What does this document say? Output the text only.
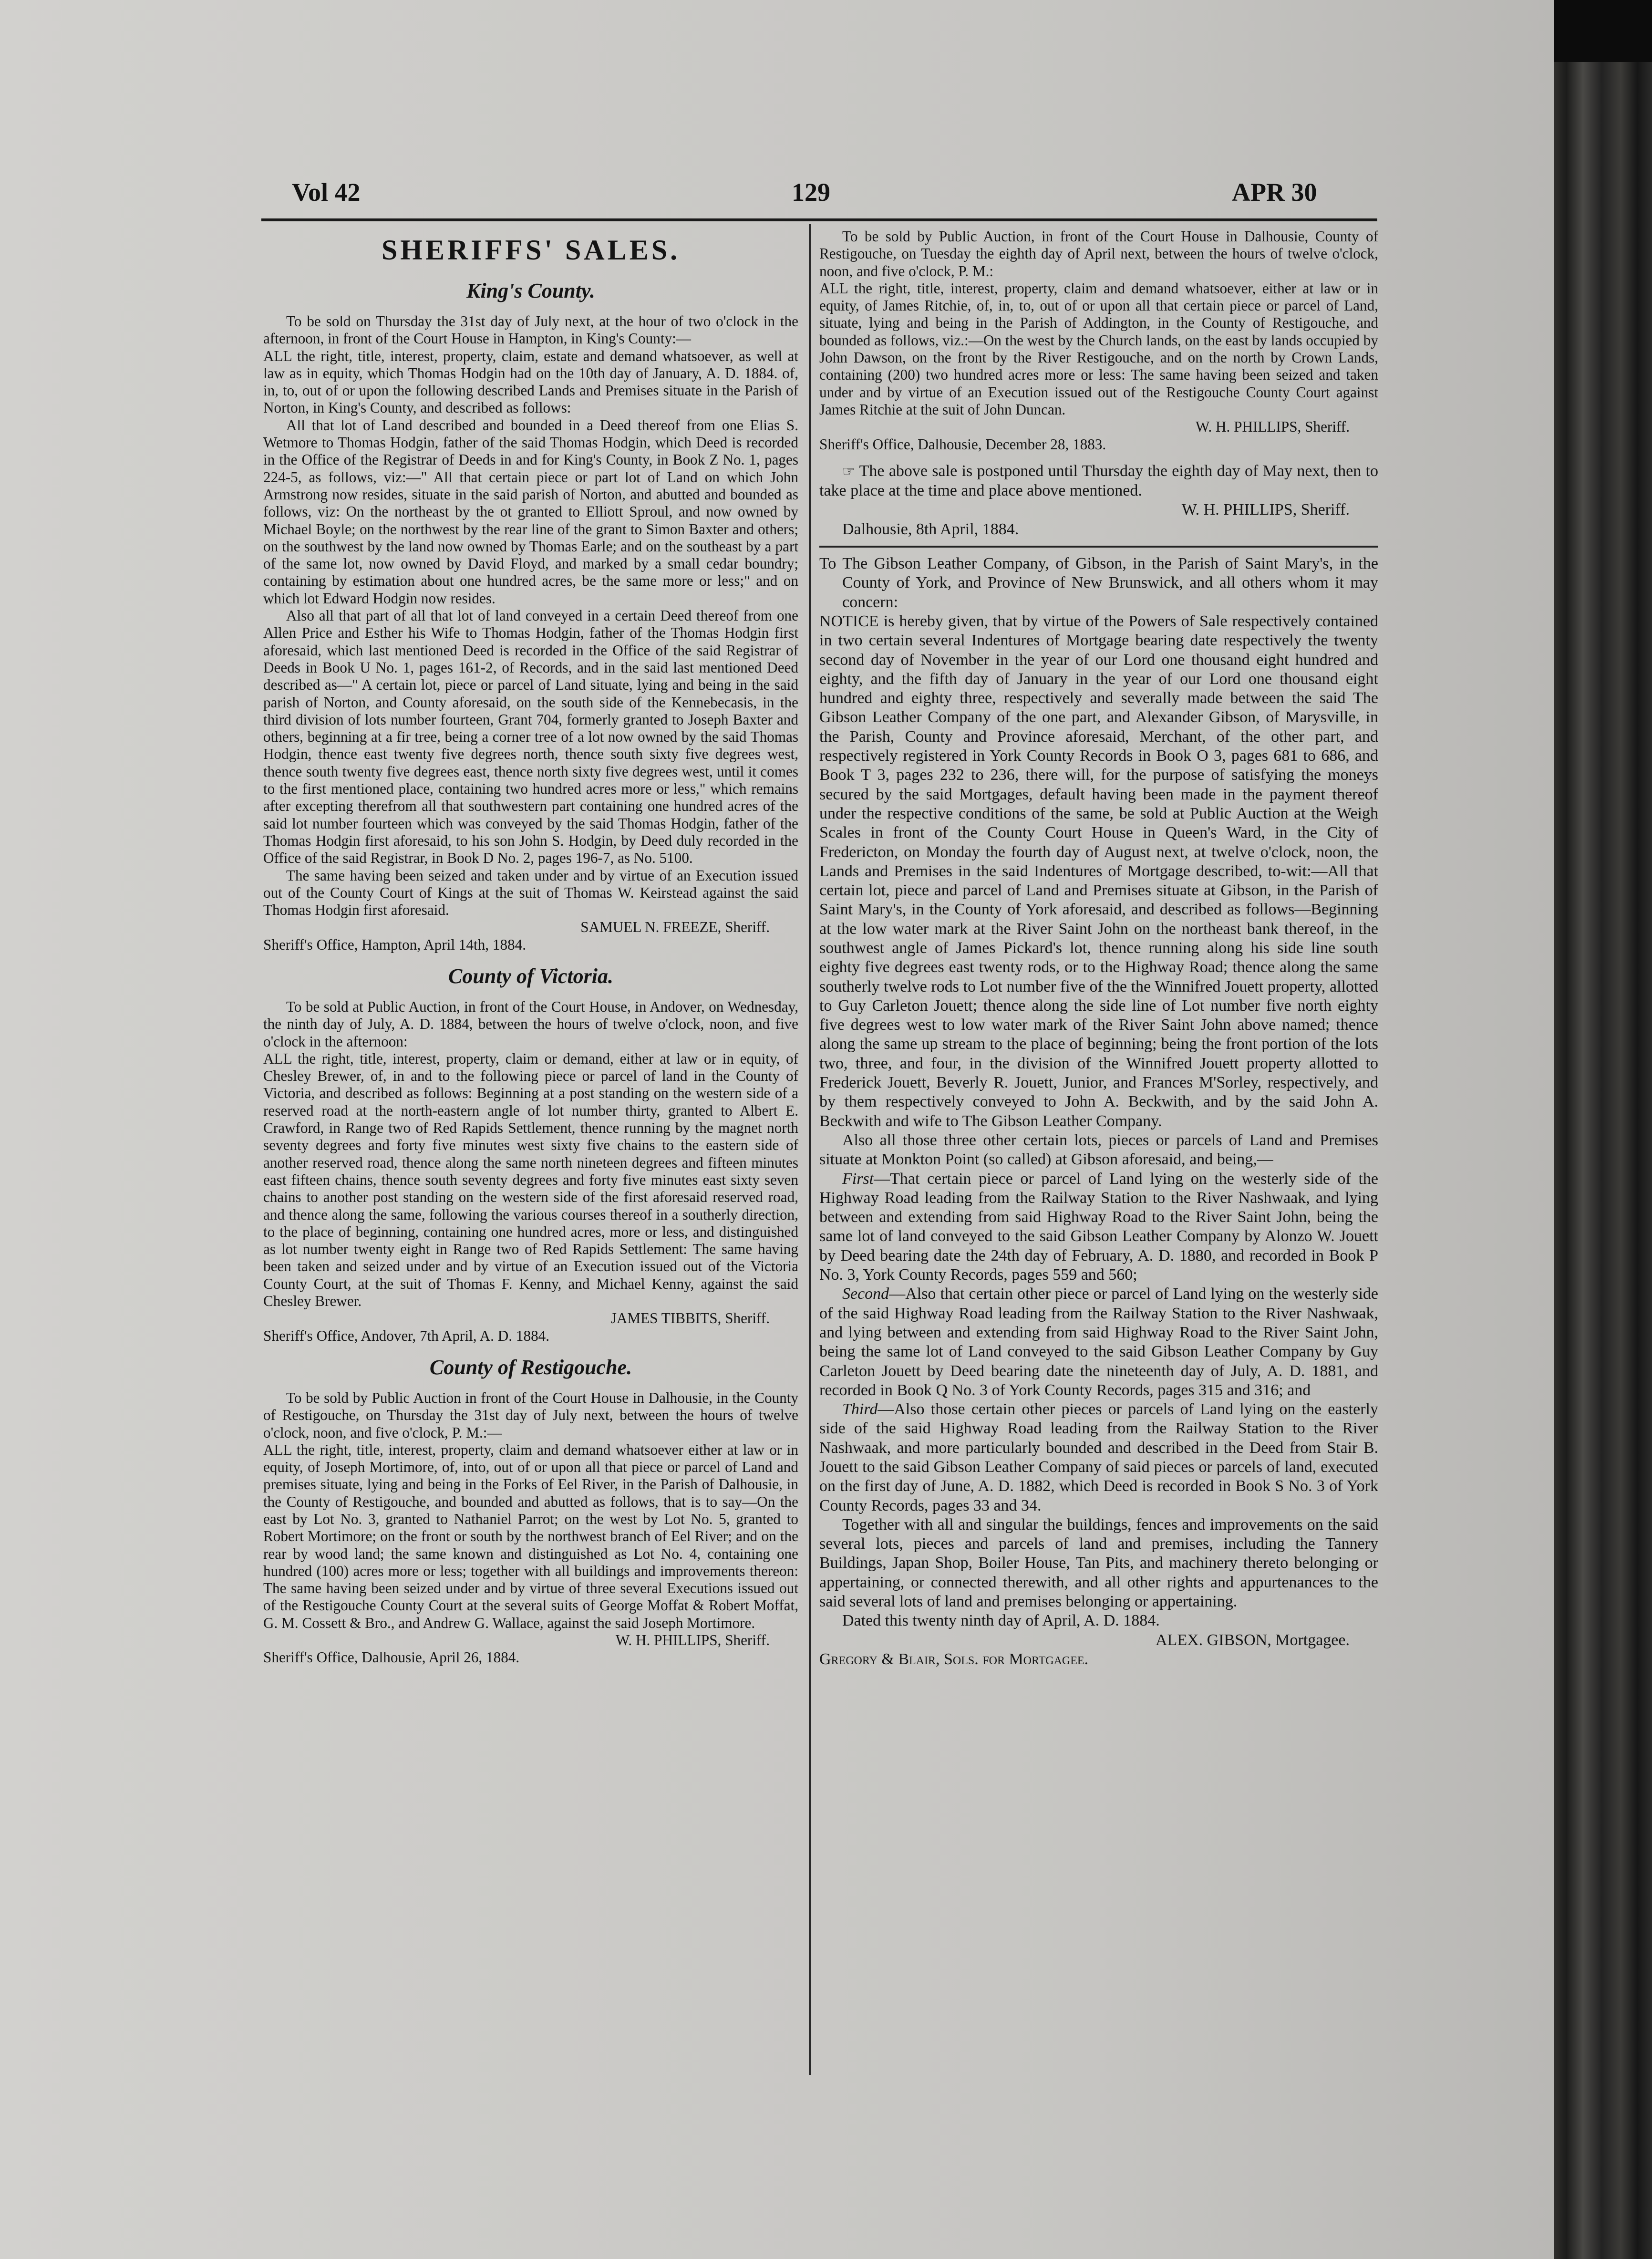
Vol 42	129	APR 30
SHERIFFS' SALES.
King's County.

To be sold on Thursday the 31st day of July next, at the hour of two o'clock in the afternoon, in front of the Court House in Hampton, in King's County:—

ALL the right, title, interest, property, claim, estate and demand whatsoever, as well at law as in equity, which Thomas Hodgin had on the 10th day of January, A. D. 1884. of, in, to, out of or upon the following described Lands and Premises situate in the Parish of Norton, in King's County, and described as follows:

All that lot of Land described and bounded in a Deed thereof from one Elias S. Wetmore to Thomas Hodgin, father of the said Thomas Hodgin, which Deed is recorded in the Office of the Registrar of Deeds in and for King's County, in Book Z No. 1, pages 224-5, as follows, viz:—" All that certain piece or part lot of Land on which John Armstrong now resides, situate in the said parish of Norton, and abutted and bounded as follows, viz: On the northeast by the ot granted to Elliott Sproul, and now owned by Michael Boyle; on the northwest by the rear line of the grant to Simon Baxter and others; on the southwest by the land now owned by Thomas Earle; and on the southeast by a part of the same lot, now owned by David Floyd, and marked by a small cedar boundry; containing by estimation about one hundred acres, be the same more or less;" and on which lot Edward Hodgin now resides.

Also all that part of all that lot of land conveyed in a certain Deed thereof from one Allen Price and Esther his Wife to Thomas Hodgin, father of the Thomas Hodgin first aforesaid, which last mentioned Deed is recorded in the Office of the said Registrar of Deeds in Book U No. 1, pages 161-2, of Records, and in the said last mentioned Deed described as—" A certain lot, piece or parcel of Land situate, lying and being in the said parish of Norton, and County aforesaid, on the south side of the Kennebecasis, in the third division of lots number fourteen, Grant 704, formerly granted to Joseph Baxter and others, beginning at a fir tree, being a corner tree of a lot now owned by the said Thomas Hodgin, thence east twenty five degrees north, thence south sixty five degrees west, thence south twenty five degrees east, thence north sixty five degrees west, until it comes to the first mentioned place, containing two hundred acres more or less," which remains after excepting therefrom all that southwestern part containing one hundred acres of the said lot number fourteen which was conveyed by the said Thomas Hodgin, father of the Thomas Hodgin first aforesaid, to his son John S. Hodgin, by Deed duly recorded in the Office of the said Registrar, in Book D No. 2, pages 196-7, as No. 5100.

The same having been seized and taken under and by virtue of an Execution issued out of the County Court of Kings at the suit of Thomas W. Keirstead against the said Thomas Hodgin first aforesaid.

SAMUEL N. FREEZE, Sheriff.

Sheriff's Office, Hampton, April 14th, 1884.

County of Victoria.

To be sold at Public Auction, in front of the Court House, in Andover, on Wednesday, the ninth day of July, A. D. 1884, between the hours of twelve o'clock, noon, and five o'clock in the afternoon:

ALL the right, title, interest, property, claim or demand, either at law or in equity, of Chesley Brewer, of, in and to the following piece or parcel of land in the County of Victoria, and described as follows: Beginning at a post standing on the western side of a reserved road at the north-eastern angle of lot number thirty, granted to Albert E. Crawford, in Range two of Red Rapids Settlement, thence running by the magnet north seventy degrees and forty five minutes west sixty five chains to the eastern side of another reserved road, thence along the same north nineteen degrees and fifteen minutes east fifteen chains, thence south seventy degrees and forty five minutes east sixty seven chains to another post standing on the western side of the first aforesaid reserved road, and thence along the same, following the various courses thereof in a southerly direction, to the place of beginning, containing one hundred acres, more or less, and distinguished as lot number twenty eight in Range two of Red Rapids Settlement: The same having been taken and seized under and by virtue of an Execution issued out of the Victoria County Court, at the suit of Thomas F. Kenny, and Michael Kenny, against the said Chesley Brewer.

JAMES TIBBITS, Sheriff.

Sheriff's Office, Andover, 7th April, A. D. 1884.

County of Restigouche.

To be sold by Public Auction in front of the Court House in Dalhousie, in the County of Restigouche, on Thursday the 31st day of July next, between the hours of twelve o'clock, noon, and five o'clock, P. M.:—

ALL the right, title, interest, property, claim and demand whatsoever either at law or in equity, of Joseph Mortimore, of, into, out of or upon all that piece or parcel of Land and premises situate, lying and being in the Forks of Eel River, in the Parish of Dalhousie, in the County of Restigouche, and bounded and abutted as follows, that is to say—On the east by Lot No. 3, granted to Nathaniel Parrot; on the west by Lot No. 5, granted to Robert Mortimore; on the front or south by the northwest branch of Eel River; and on the rear by wood land; the same known and distinguished as Lot No. 4, containing one hundred (100) acres more or less; together with all buildings and improvements thereon: The same having been seized under and by virtue of three several Executions issued out of the Restigouche County Court at the several suits of George Moffat & Robert Moffat, G. M. Cossett & Bro., and Andrew G. Wallace, against the said Joseph Mortimore.

W. H. PHILLIPS, Sheriff.

Sheriff's Office, Dalhousie, April 26, 1884.

To be sold by Public Auction, in front of the Court House in Dalhousie, County of Restigouche, on Tuesday the eighth day of April next, between the hours of twelve o'clock, noon, and five o'clock, P. M.:

ALL the right, title, interest, property, claim and demand whatsoever, either at law or in equity, of James Ritchie, of, in, to, out of or upon all that certain piece or parcel of Land, situate, lying and being in the Parish of Addington, in the County of Restigouche, and bounded as follows, viz.:—On the west by the Church lands, on the east by lands occupied by John Dawson, on the front by the River Restigouche, and on the north by Crown Lands, containing (200) two hundred acres more or less: The same having been seized and taken under and by virtue of an Execution issued out of the Restigouche County Court against James Ritchie at the suit of John Duncan.

W. H. PHILLIPS, Sheriff.

Sheriff's Office, Dalhousie, December 28, 1883.

☞ The above sale is postponed until Thursday the eighth day of May next, then to take place at the time and place above mentioned.

W. H. PHILLIPS, Sheriff.

Dalhousie, 8th April, 1884.

To The Gibson Leather Company, of Gibson, in the Parish of Saint Mary's, in the County of York, and Province of New Brunswick, and all others whom it may concern:

NOTICE is hereby given, that by virtue of the Powers of Sale respectively contained in two certain several Indentures of Mortgage bearing date respectively the twenty second day of November in the year of our Lord one thousand eight hundred and eighty, and the fifth day of January in the year of our Lord one thousand eight hundred and eighty three, respectively and severally made between the said The Gibson Leather Company of the one part, and Alexander Gibson, of Marysville, in the Parish, County and Province aforesaid, Merchant, of the other part, and respectively registered in York County Records in Book O 3, pages 681 to 686, and Book T 3, pages 232 to 236, there will, for the purpose of satisfying the moneys secured by the said Mortgages, default having been made in the payment thereof under the respective conditions of the same, be sold at Public Auction at the Weigh Scales in front of the County Court House in Queen's Ward, in the City of Fredericton, on Monday the fourth day of August next, at twelve o'clock, noon, the Lands and Premises in the said Indentures of Mortgage described, to-wit:—All that certain lot, piece and parcel of Land and Premises situate at Gibson, in the Parish of Saint Mary's, in the County of York aforesaid, and described as follows—Beginning at the low water mark at the River Saint John on the northeast bank thereof, in the southwest angle of James Pickard's lot, thence running along his side line south eighty five degrees east twenty rods, or to the Highway Road; thence along the same southerly twelve rods to Lot number five of the the Winnifred Jouett property, allotted to Guy Carleton Jouett; thence along the side line of Lot number five north eighty five degrees west to low water mark of the River Saint John above named; thence along the same up stream to the place of beginning; being the front portion of the lots two, three, and four, in the division of the Winnifred Jouett property allotted to Frederick Jouett, Beverly R. Jouett, Junior, and Frances M'Sorley, respectively, and by them respectively conveyed to John A. Beckwith, and by the said John A. Beckwith and wife to The Gibson Leather Company.

Also all those three other certain lots, pieces or parcels of Land and Premises situate at Monkton Point (so called) at Gibson aforesaid, and being,—

First—That certain piece or parcel of Land lying on the westerly side of the Highway Road leading from the Railway Station to the River Nashwaak, and lying between and extending from said Highway Road to the River Saint John, being the same lot of land conveyed to the said Gibson Leather Company by Alonzo W. Jouett by Deed bearing date the 24th day of February, A. D. 1880, and recorded in Book P No. 3, York County Records, pages 559 and 560;

Second—Also that certain other piece or parcel of Land lying on the westerly side of the said Highway Road leading from the Railway Station to the River Nashwaak, and lying between and extending from said Highway Road to the River Saint John, being the same lot of Land conveyed to the said Gibson Leather Company by Guy Carleton Jouett by Deed bearing date the nineteenth day of July, A. D. 1881, and recorded in Book Q No. 3 of York County Records, pages 315 and 316; and

Third—Also those certain other pieces or parcels of Land lying on the easterly side of the said Highway Road leading from the Railway Station to the River Nashwaak, and more particularly bounded and described in the Deed from Stair B. Jouett to the said Gibson Leather Company of said pieces or parcels of land, executed on the first day of June, A. D. 1882, which Deed is recorded in Book S No. 3 of York County Records, pages 33 and 34.

Together with all and singular the buildings, fences and improvements on the said several lots, pieces and parcels of land and premises, including the Tannery Buildings, Japan Shop, Boiler House, Tan Pits, and machinery thereto belonging or appertaining, or connected therewith, and all other rights and appurtenances to the said several lots of land and premises belonging or appertaining.

Dated this twenty ninth day of April, A. D. 1884.

ALEX. GIBSON, Mortgagee.

Gregory & Blair, Sols. for Mortgagee.
